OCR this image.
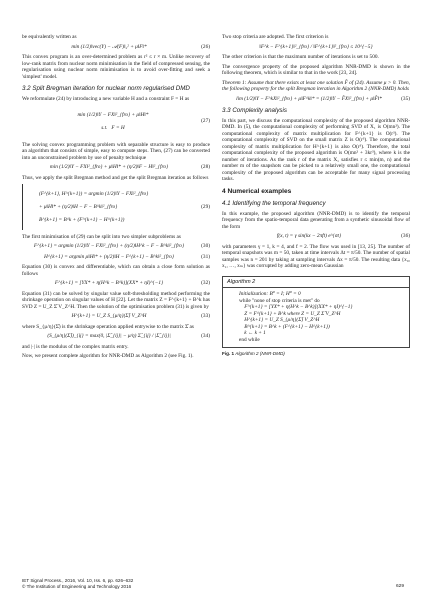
be equivalently written as

min (1/2)‖vec(Y) − 𝒜(F)‖₂² + μ‖F‖*	(26)

This convex program is an over-determined problem as r² ≤ r × m. Unlike recovery of low-rank matrix from nuclear norm minimisation in the field of compressed sensing, the regularisation using nuclear norm minimisation is to avoid over-fitting and seek a 'simplest' model.

3.2 Split Bregman iteration for nuclear norm regularised DMD

We reformulate (24) by introducing a new variable H and a constraint F = H as

min (1/2)‖Y − FX‖²_{fro} + μ‖H‖*

s.t.   F = H

(27)

The solving convex programming problem with separable structure is easy to produce an algorithm that consists of simple, easy to compute steps. Then, (27) can be converted into an unconstrained problem by use of penalty technique

min (1/2)‖Y − FX‖²_{fro} + μ‖H‖* + (η/2)‖F − H‖²_{fro}	(28)

Thus, we apply the split Bregman method and get the split Bregman iteration as follows

(F^{k+1}, H^{k+1}) = argmin (1/2)‖Y − FX‖²_{fro}

+ μ‖H‖* + (η/2)‖H − F − B^k‖²_{fro}

B^{k+1} = B^k + (F^{k+1} − H^{k+1})

(29)

The first minimisation of (29) can be split into two simpler subproblems as

F^{k+1} = argmin (1/2)‖Y − FX‖²_{fro} + (η/2)‖H^k − F − B^k‖²_{fro}	(30)
H^{k+1} = argmin μ‖H‖* + (η/2)‖H − F^{k+1} − B^k‖²_{fro}	(31)

Equation (30) is convex and differentiable, which can obtain a close form solution as follows

F^{k+1} = [YX* + η(H^k − B^k)](XX* + ηI)^{−1}	(32)

Equation (31) can be solved by singular value soft-thresholding method performing the shrinkage operation on singular values of H [22]. Let the matrix Z = F^{k+1} + B^k has SVD Z = U_Z Σ̂ V_Z^H. Then the solution of the optimisation problem (31) is given by

H^{k+1} = U_Z S_{μ/η}(Σ̂) V_Z^H	(33)

where S_{μ/η}(Σ̂) is the shrinkage operation applied entrywise to the matrix Σ̂ as

(S_{μ/η}(Σ̂))_{ij} = max(0, |Σ̂_{ij}| − μ/η) Σ̂_{ij} / |Σ̂_{ij}|	(34)

and |·| is the modulus of the complex matrix entry.

Now, we present complete algorithm for NNR-DMD as Algorithm 2 (see Fig. 1).

Two stop criteria are adopted. The first criterion is

‖F^k − F^{k+1}‖²_{fro} / ‖F^{k+1}‖²_{fro} ≤ 10^{−5}

The other criterion is that the maximum number of iterations is set to 500.

The convergence property of the proposed algorithm NNR-DMD is shown in the following theorem, which is similar to that in the work [23, 24].

Theorem 1: Assume that there exists at least one solution F̂ of (24). Assume μ > 0. Then, the following property for the split Bregman iteration in Algorithm 2 (NNR-DMD) holds

lim (1/2)‖Y − F^kX‖²_{fro} + μ‖F^k‖* = (1/2)‖Y − F̂X‖²_{fro} + μ‖F̂‖*	(35)
3.3 Complexity analysis

In this part, we discuss the computational complexity of the proposed algorithm NNR-DMD. In (5), the computational complexity of performing SVD of X₁ is O(mn²). The computational complexity of matrix multiplication for F^{k+1} is O(r³). The computational complexity of SVD on the small matrix Z is O(r³). The computational complexity of matrix multiplication for H^{k+1} is also O(r³). Therefore, the total computational complexity of the proposed algorithm is O(mn² + 3kr³), where k is the number of iterations. As the rank r of the matrix X₁ satisfies r ≤ min(m, n) and the number m of the snapshots can be picked to a relatively small one, the computational complexity of the proposed algorithm can be acceptable for many signal processing tasks.

4 Numerical examples
4.1 Identifying the temporal frequency

In this example, the proposed algorithm (NNR-DMD) is to identify the temporal frequency from the spatio-temporal data generating from a synthetic sinusoidal flow of the form

f(x, t) = γ sin(kx − 2πft) e^{σt}	(36)

with parameters γ = 1, k = 4, and f = 2. The flow was used in [13, 25]. The number of temporal snapshots was m = 50, taken at time intervals Δt = π/50. The number of spatial samples was n = 201 by taking at sampling intervals Δx = π/50. The resulting data {x₀, x₁, …, xₘ} was corrupted by adding zero-mean Gaussian

Algorithm 2
Initialization: B⁰ = I; H⁰ = 0
while "none of stop criteria is met" do
F^{k+1} = [YX* + η(H^k − B^k)](XX* + ηI)^{−1}
Z = F^{k+1} + B^k where Z = U_Z Σ̂ V_Z^H
H^{k+1} = U_Z S_{μ/η}(Σ̂) V_Z^H
B^{k+1} = B^k + (F^{k+1} − H^{k+1})
k ← k + 1
end while
Fig. 1 Algorithm 2 (NNR-DMD)
IET Signal Process., 2016, Vol. 10, Iss. 6, pp. 626–632
© The Institution of Engineering and Technology 2016	629
